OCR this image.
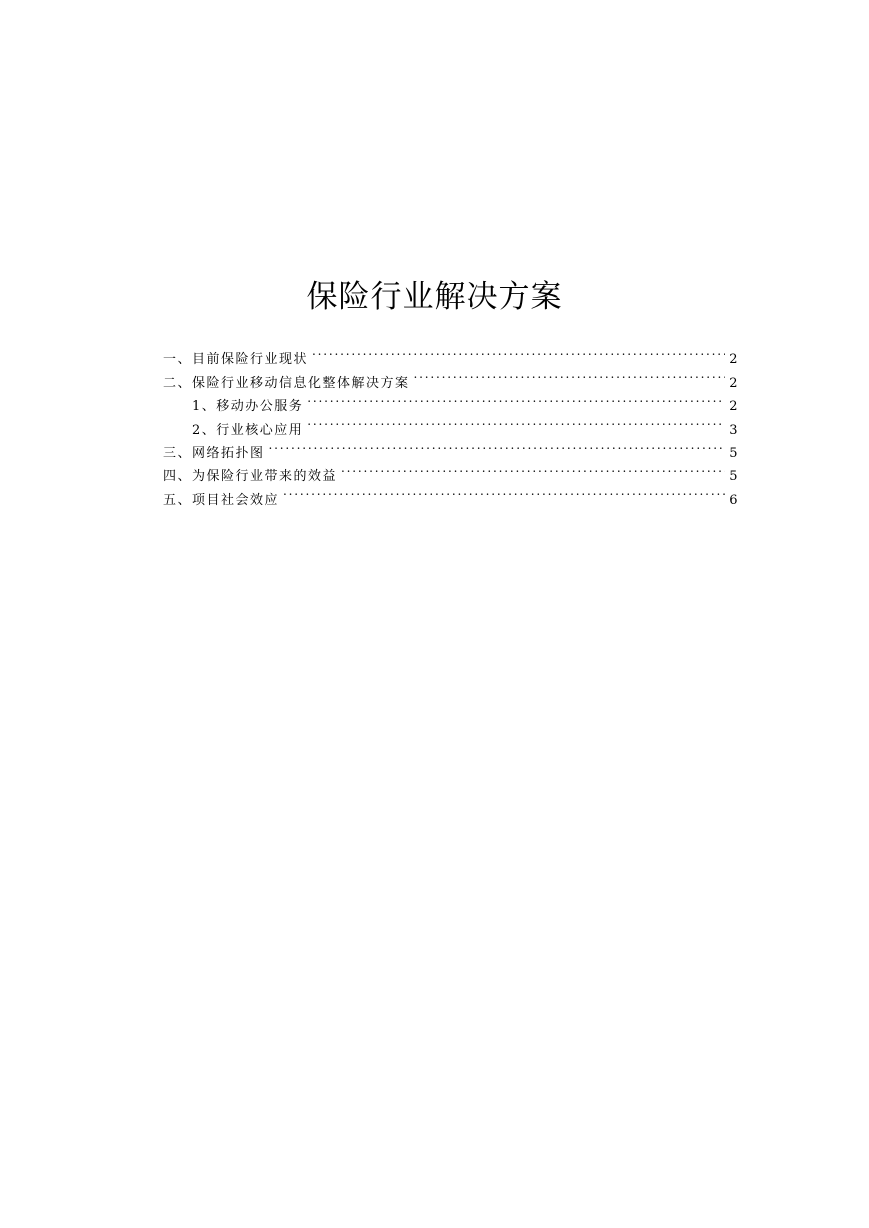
保险行业解决方案
一、目前保险行业现状 . . .	2
二、保险行业移动信息化整体解决方案 . . .	2
1、移动办公服务 . . .	2
2、行业核心应用 . . .	3
三、网络拓扑图 . . .	5
四、为保险行业带来的效益 . . .	5
五、项目社会效应 . . .	6
